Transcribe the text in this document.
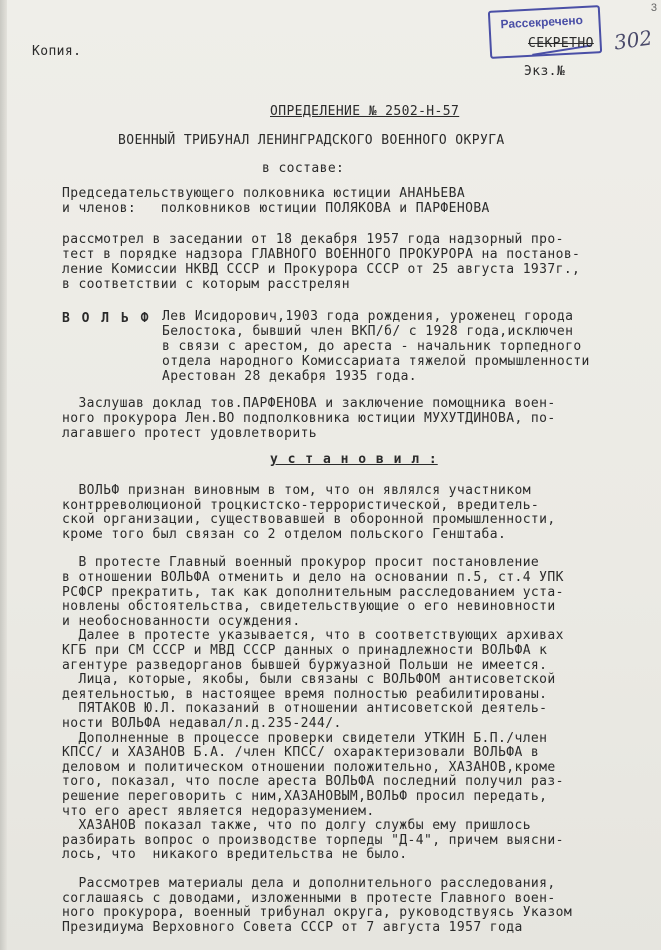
3
302
Рассекречено
Копия.
СЕКРЕТНО
Экз.№
ОПРЕДЕЛЕНИЕ № 2502-Н-57
ВОЕННЫЙ ТРИБУНАЛ ЛЕНИНГРАДСКОГО ВОЕННОГО ОКРУГА
в составе:
Председательствующего полковника юстиции АНАНЬЕВА
и членов:   полковников юстиции ПОЛЯКОВА и ПАРФЕНОВА
рассмотрел в заседании от 18 декабря 1957 года надзорный про-
тест в порядке надзора ГЛАВНОГО ВОЕННОГО ПРОКУРОРА на постанов-
ление Комиссии НКВД СССР и Прокурора СССР от 25 августа 1937г.,
в соответствии с которым расстрелян
В О Л Ь Ф Лев Исидорович,1903 года рождения, уроженец города
Белостока, бывший член ВКП/б/ с 1928 года,исключен
в связи с арестом, до ареста - начальник торпедного
отдела народного Комиссариата тяжелой промышленности
Арестован 28 декабря 1935 года.
Заслушав доклад тов.ПАРФЕНОВА и заключение помощника воен-
ного прокурора Лен.ВО подполковника юстиции МУХУТДИНОВА, по-
лагавшего протест удовлетворить
у с т а н о в и л :
ВОЛЬФ признан виновным в том, что он являлся участником
контрреволюционой троцкистско-террористической, вредитель-
ской организации, существовавшей в оборонной промышленности,
кроме того был связан со 2 отделом польского Генштаба.
В протесте Главный военный прокурор просит постановление
в отношении ВОЛЬФА отменить и дело на основании п.5, ст.4 УПК
РСФСР прекратить, так как дополнительным расследованием уста-
новлены обстоятельства, свидетельствующие о его невиновности
и необоснованности осуждения.
Далее в протесте указывается, что в соответствующих архивах
КГБ при СМ СССР и МВД СССР данных о принадлежности ВОЛЬФА к
агентуре разведорганов бывшей буржуазной Польши не имеется.
Лица, которые, якобы, были связаны с ВОЛЬФОМ антисоветской
деятельностью, в настоящее время полностью реабилитированы.
ПЯТАКОВ Ю.Л. показаний в отношении антисоветской деятель-
ности ВОЛЬФА недавал/л.д.235-244/.
Дополненные в процессе проверки свидетели УТКИН Б.П./член
КПСС/ и ХАЗАНОВ Б.А. /член КПСС/ охарактеризовали ВОЛЬФА в
деловом и политическом отношении положительно, ХАЗАНОВ,кроме
того, показал, что после ареста ВОЛЬФА последний получил раз-
решение переговорить с ним,ХАЗАНОВЫМ,ВОЛЬФ просил передать,
что его арест является недоразумением.
ХАЗАНОВ показал также, что по долгу службы ему пришлось
разбирать вопрос о производстве торпеды "Д-4", причем выясни-
лось, что  никакого вредительства не было.
Рассмотрев материалы дела и дополнительного расследования,
соглашаясь с доводами, изложенными в протесте Главного воен-
ного прокурора, военный трибунал округа, руководствуясь Указом
Президиума Верховного Совета СССР от 7 августа 1957 года
